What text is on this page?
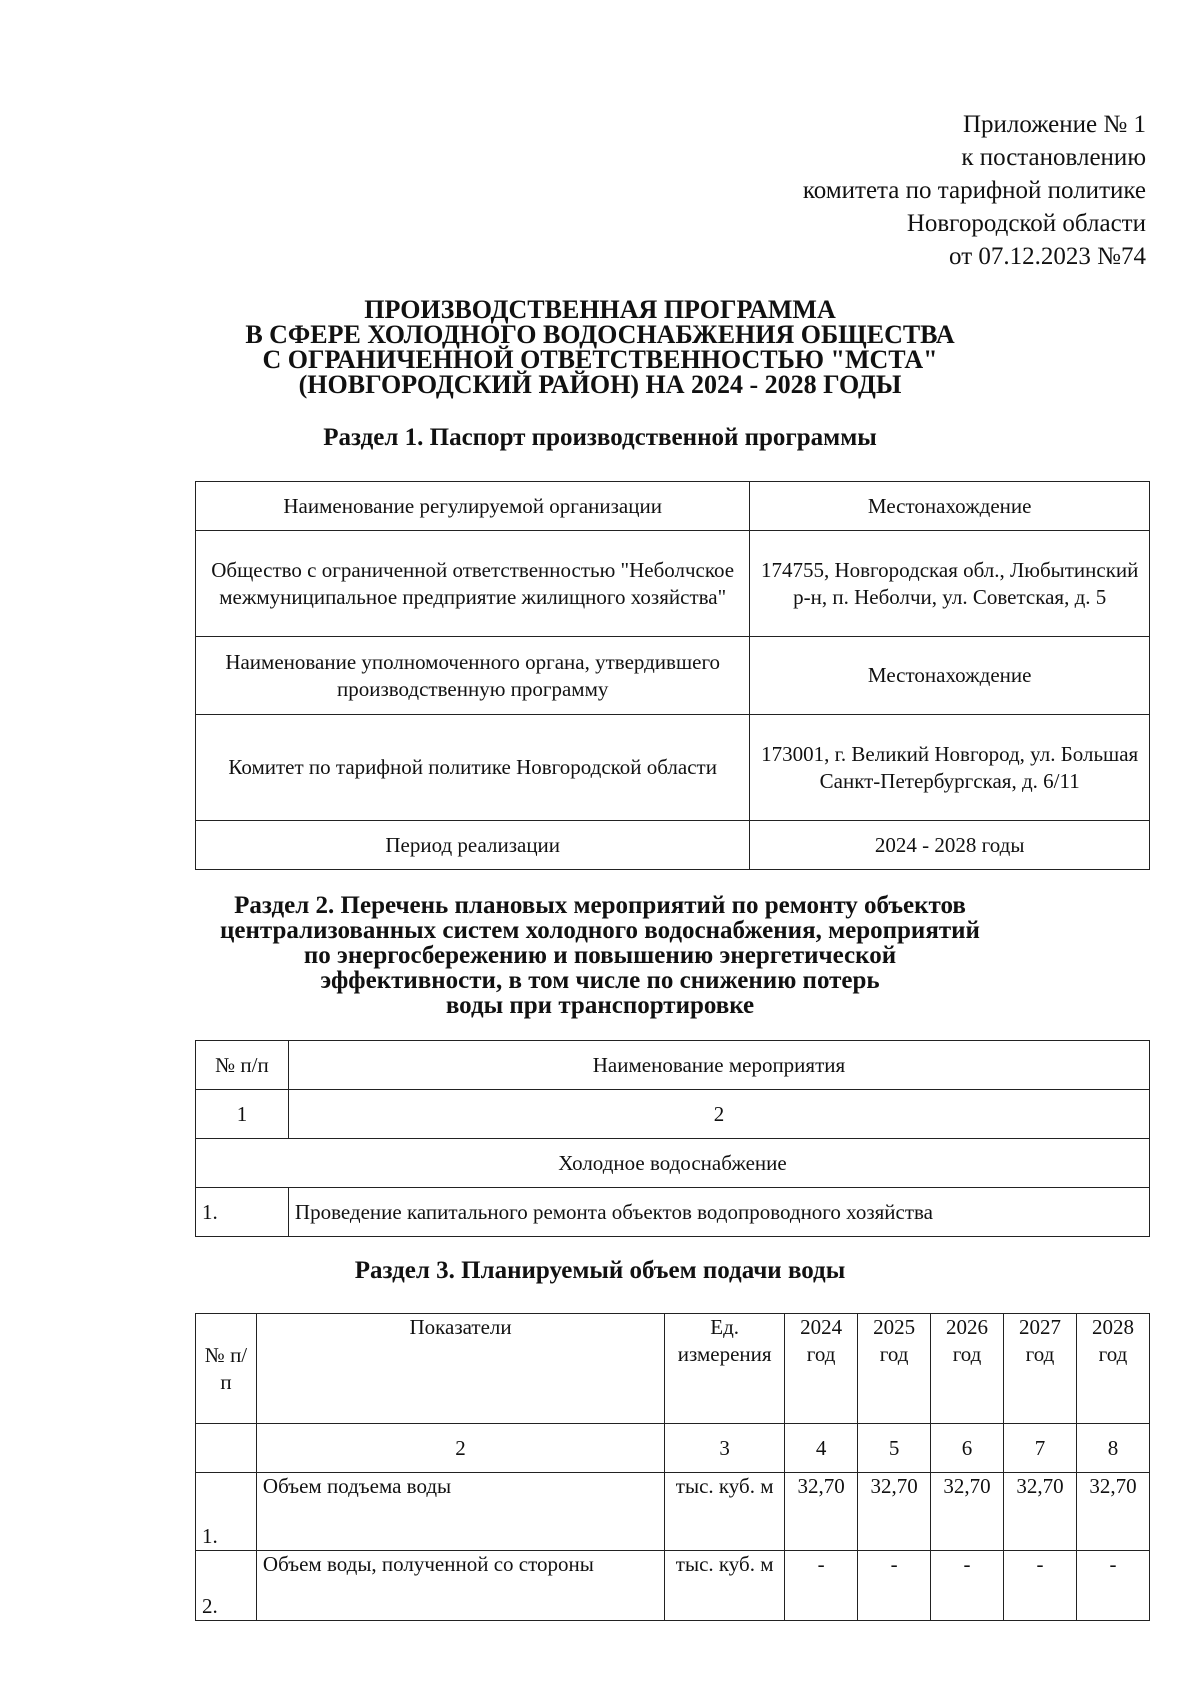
Приложение № 1
к постановлению
комитета по тарифной политике
Новгородской области
от 07.12.2023 №74
ПРОИЗВОДСТВЕННАЯ ПРОГРАММА
В СФЕРЕ ХОЛОДНОГО ВОДОСНАБЖЕНИЯ ОБЩЕСТВА
С ОГРАНИЧЕННОЙ ОТВЕТСТВЕННОСТЬЮ "МСТА"
(НОВГОРОДСКИЙ РАЙОН) НА 2024 - 2028 ГОДЫ
Раздел 1. Паспорт производственной программы
Наименование регулируемой организации	Местонахождение
Общество с ограниченной ответственностью "Неболчское межмуниципальное предприятие жилищного хозяйства"	174755, Новгородская обл., Любытинский р-н, п. Неболчи, ул. Советская, д. 5
Наименование уполномоченного органа, утвердившего производственную программу	Местонахождение
Комитет по тарифной политике Новгородской области	173001, г. Великий Новгород, ул. Большая Санкт-Петербургская, д. 6/11
Период реализации	2024 - 2028 годы
Раздел 2. Перечень плановых мероприятий по ремонту объектов
централизованных систем холодного водоснабжения, мероприятий
по энергосбережению и повышению энергетической
эффективности, в том числе по снижению потерь
воды при транспортировке
№ п/п	Наименование мероприятия
1	2
Холодное водоснабжение	
1.	Проведение капитального ремонта объектов водопроводного хозяйства
Раздел 3. Планируемый объем подачи воды
№ п/п	Показатели	Ед. измерения	2024 год	2025 год	2026 год	2027 год	2028 год
	2	3	4	5	6	7	8
1.	Объем подъема воды	тыс. куб. м	32,70	32,70	32,70	32,70	32,70
2.	Объем воды, полученной со стороны	тыс. куб. м	-	-	-	-	-
